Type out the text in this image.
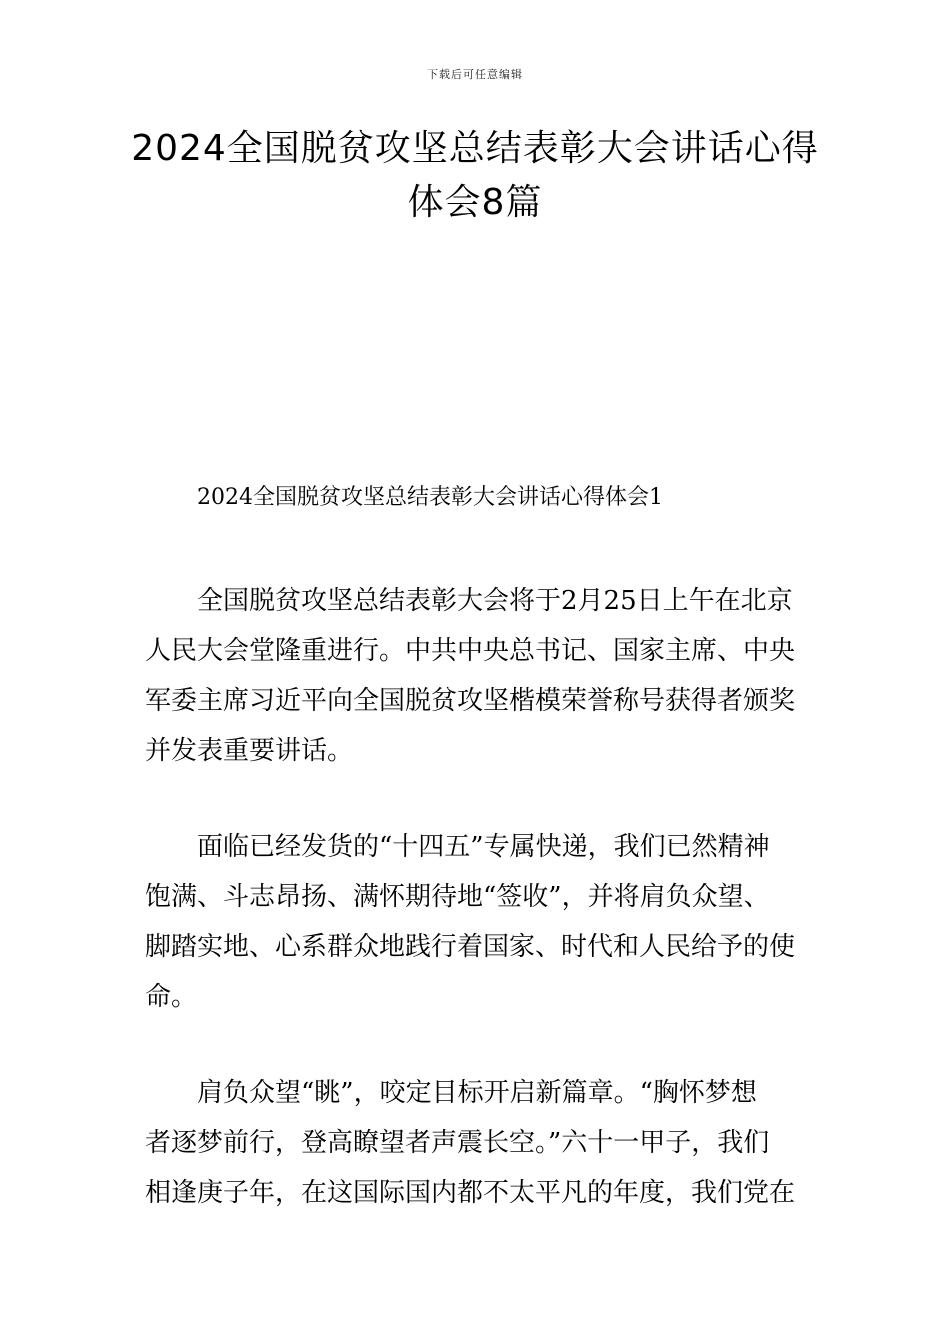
下载后可任意编辑
2024全国脱贫攻坚总结表彰大会讲话心得
体会8篇
2024全国脱贫攻坚总结表彰大会讲话心得体会1
　　全国脱贫攻坚总结表彰大会将于2月25日上午在北京
人民大会堂隆重进行。中共中央总书记、国家主席、中央
军委主席习近平向全国脱贫攻坚楷模荣誉称号获得者颁奖
并发表重要讲话。
　　面临已经发货的“十四五”专属快递，我们已然精神
饱满、斗志昂扬、满怀期待地“签收”，并将肩负众望、
脚踏实地、心系群众地践行着国家、时代和人民给予的使
命。
　　肩负众望“眺”，咬定目标开启新篇章。“胸怀梦想
者逐梦前行，登高瞭望者声震长空。”六十一甲子，我们
相逢庚子年，在这国际国内都不太平凡的年度，我们党在
